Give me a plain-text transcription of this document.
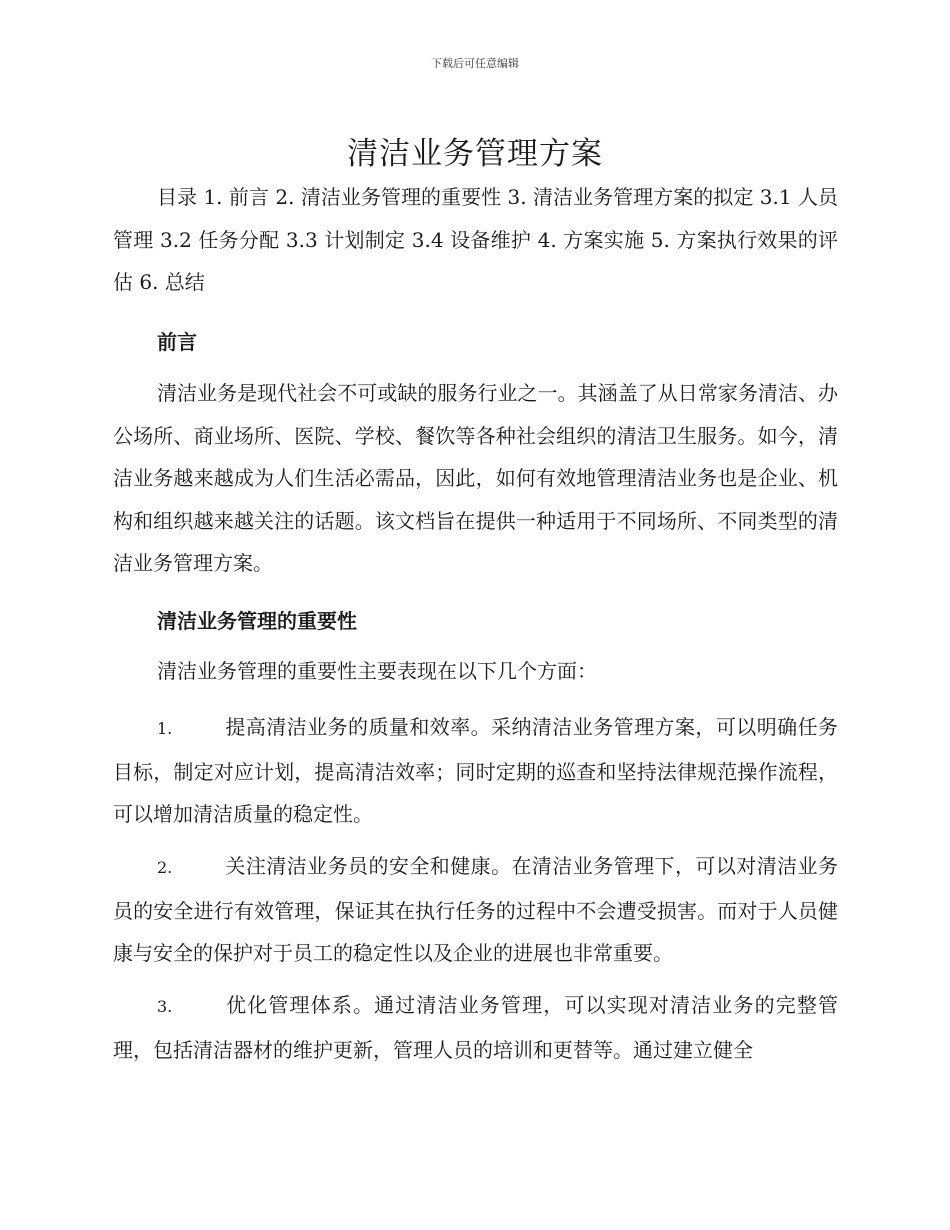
下载后可任意编辑
清洁业务管理方案

目录 1. 前言 2. 清洁业务管理的重要性 3. 清洁业务管理方案的拟定 3.1 人员管理 3.2 任务分配 3.3 计划制定 3.4 设备维护 4. 方案实施 5. 方案执行效果的评估 6. 总结

前言

清洁业务是现代社会不可或缺的服务行业之一。其涵盖了从日常家务清洁、办公场所、商业场所、医院、学校、餐饮等各种社会组织的清洁卫生服务。如今，清洁业务越来越成为人们生活必需品，因此，如何有效地管理清洁业务也是企业、机构和组织越来越关注的话题。该文档旨在提供一种适用于不同场所、不同类型的清洁业务管理方案。

清洁业务管理的重要性

清洁业务管理的重要性主要表现在以下几个方面：

1.	提高清洁业务的质量和效率。采纳清洁业务管理方案，可以明确任务目标，制定对应计划，提高清洁效率；同时定期的巡查和坚持法律规范操作流程，可以增加清洁质量的稳定性。

2.	关注清洁业务员的安全和健康。在清洁业务管理下，可以对清洁业务员的安全进行有效管理，保证其在执行任务的过程中不会遭受损害。而对于人员健康与安全的保护对于员工的稳定性以及企业的进展也非常重要。

3.	优化管理体系。通过清洁业务管理，可以实现对清洁业务的完整管理，包括清洁器材的维护更新，管理人员的培训和更替等。通过建立健全
